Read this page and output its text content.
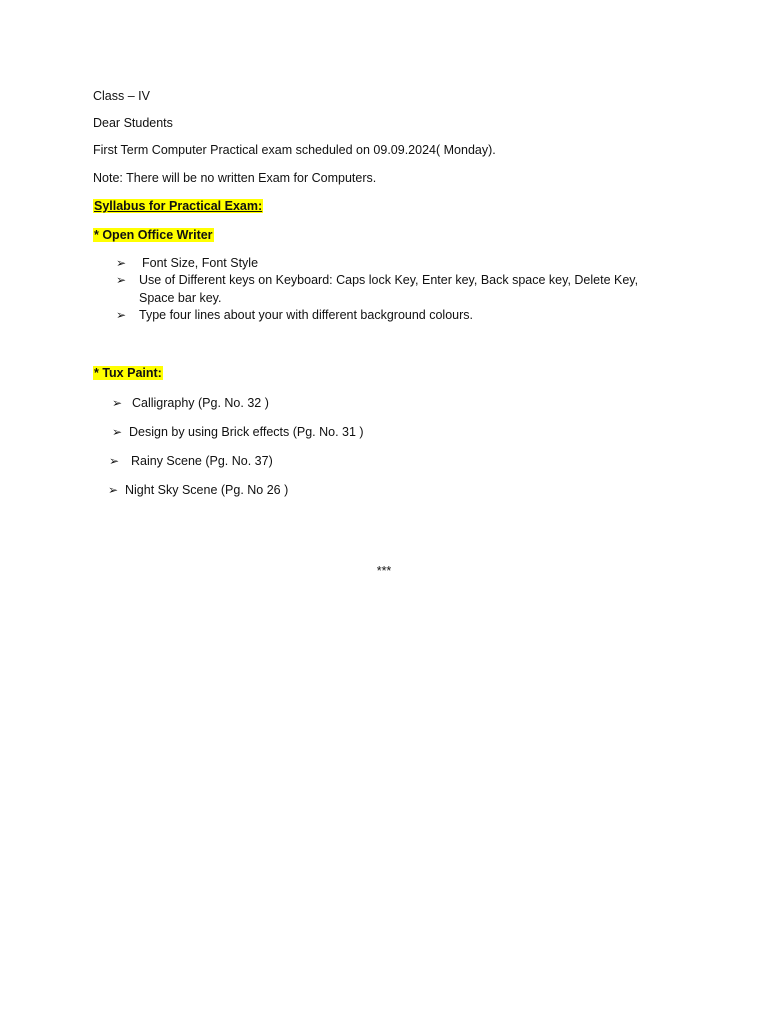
Class – IV
Dear Students
First Term Computer Practical exam scheduled on 09.09.2024( Monday).
Note: There will be no written Exam for Computers.
Syllabus for Practical Exam:
* Open Office Writer
➢ Font Size, Font Style
➢ Use of Different keys on Keyboard: Caps lock Key, Enter key, Back space key, Delete Key,
Space bar key.
➢ Type four lines about your with different background colours.
* Tux Paint:
➢ Calligraphy (Pg. No. 32 )
➢ Design by using Brick effects (Pg. No. 31 )
➢ Rainy Scene (Pg. No. 37)
➢ Night Sky Scene (Pg. No 26 )
***
